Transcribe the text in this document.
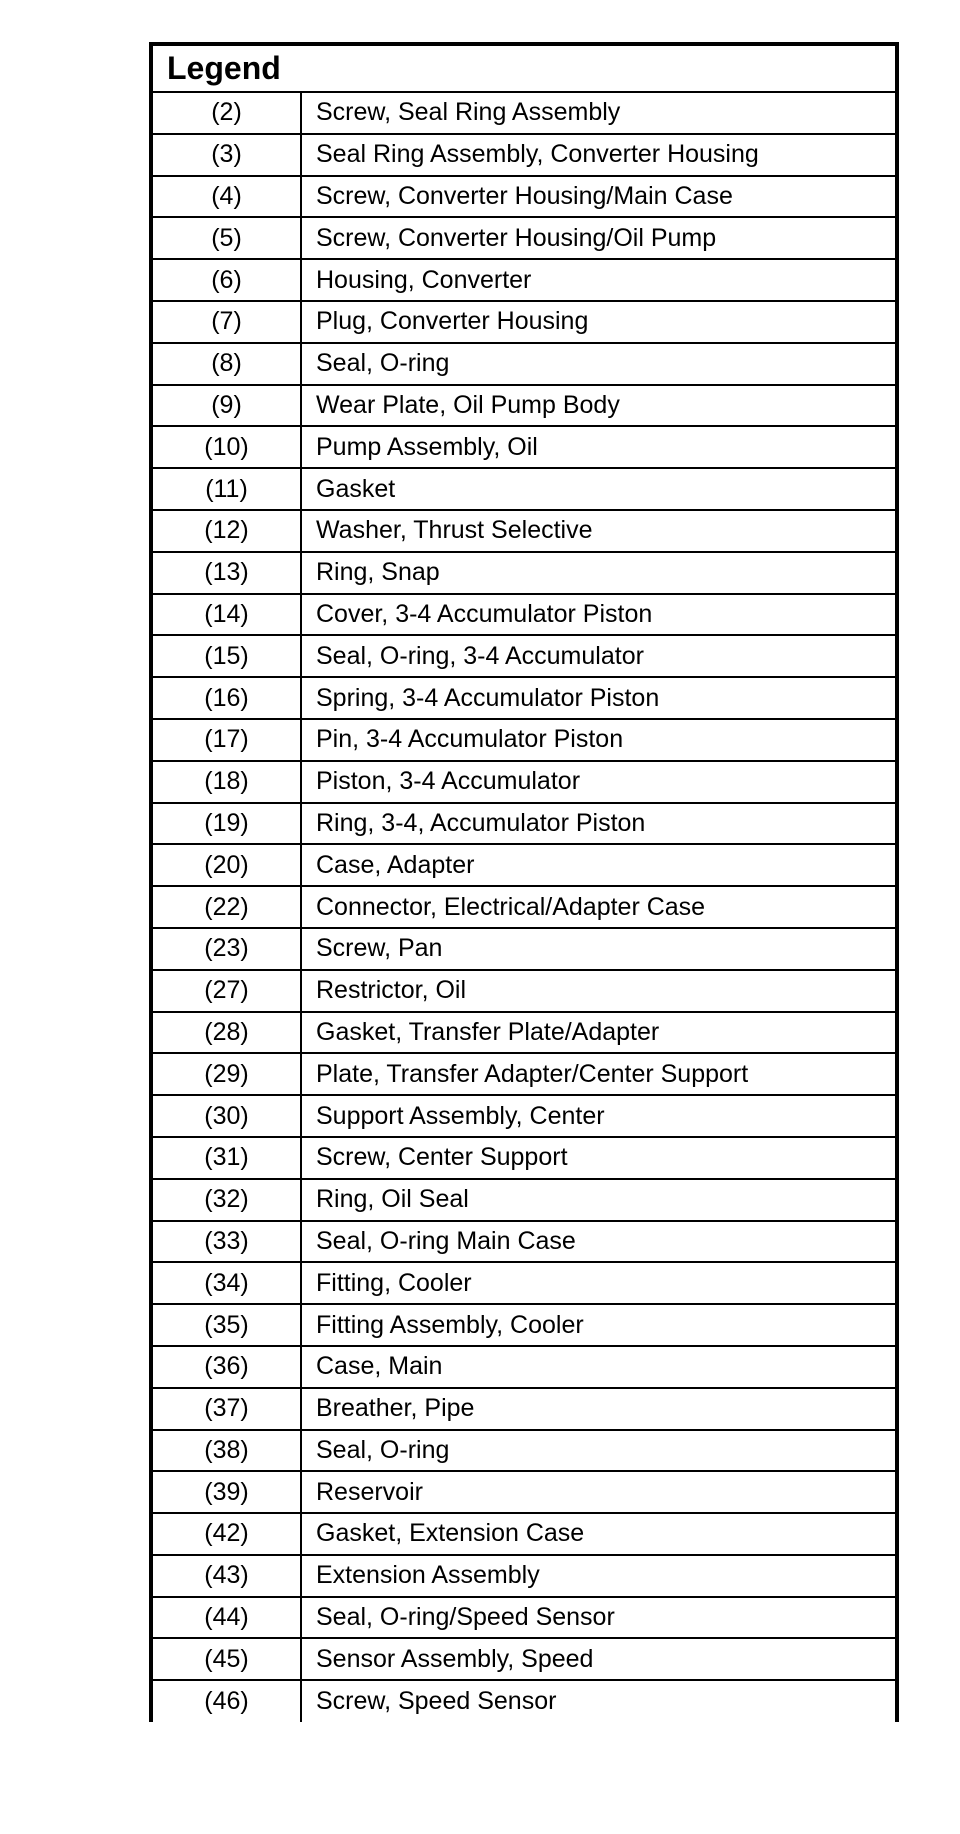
Legend	
(2)	Screw, Seal Ring Assembly
(3)	Seal Ring Assembly, Converter Housing
(4)	Screw, Converter Housing/Main Case
(5)	Screw, Converter Housing/Oil Pump
(6)	Housing, Converter
(7)	Plug, Converter Housing
(8)	Seal, O-ring
(9)	Wear Plate, Oil Pump Body
(10)	Pump Assembly, Oil
(11)	Gasket
(12)	Washer, Thrust Selective
(13)	Ring, Snap
(14)	Cover, 3-4 Accumulator Piston
(15)	Seal, O-ring, 3-4 Accumulator
(16)	Spring, 3-4 Accumulator Piston
(17)	Pin, 3-4 Accumulator Piston
(18)	Piston, 3-4 Accumulator
(19)	Ring, 3-4, Accumulator Piston
(20)	Case, Adapter
(22)	Connector, Electrical/Adapter Case
(23)	Screw, Pan
(27)	Restrictor, Oil
(28)	Gasket, Transfer Plate/Adapter
(29)	Plate, Transfer Adapter/Center Support
(30)	Support Assembly, Center
(31)	Screw, Center Support
(32)	Ring, Oil Seal
(33)	Seal, O-ring Main Case
(34)	Fitting, Cooler
(35)	Fitting Assembly, Cooler
(36)	Case, Main
(37)	Breather, Pipe
(38)	Seal, O-ring
(39)	Reservoir
(42)	Gasket, Extension Case
(43)	Extension Assembly
(44)	Seal, O-ring/Speed Sensor
(45)	Sensor Assembly, Speed
(46)	Screw, Speed Sensor
